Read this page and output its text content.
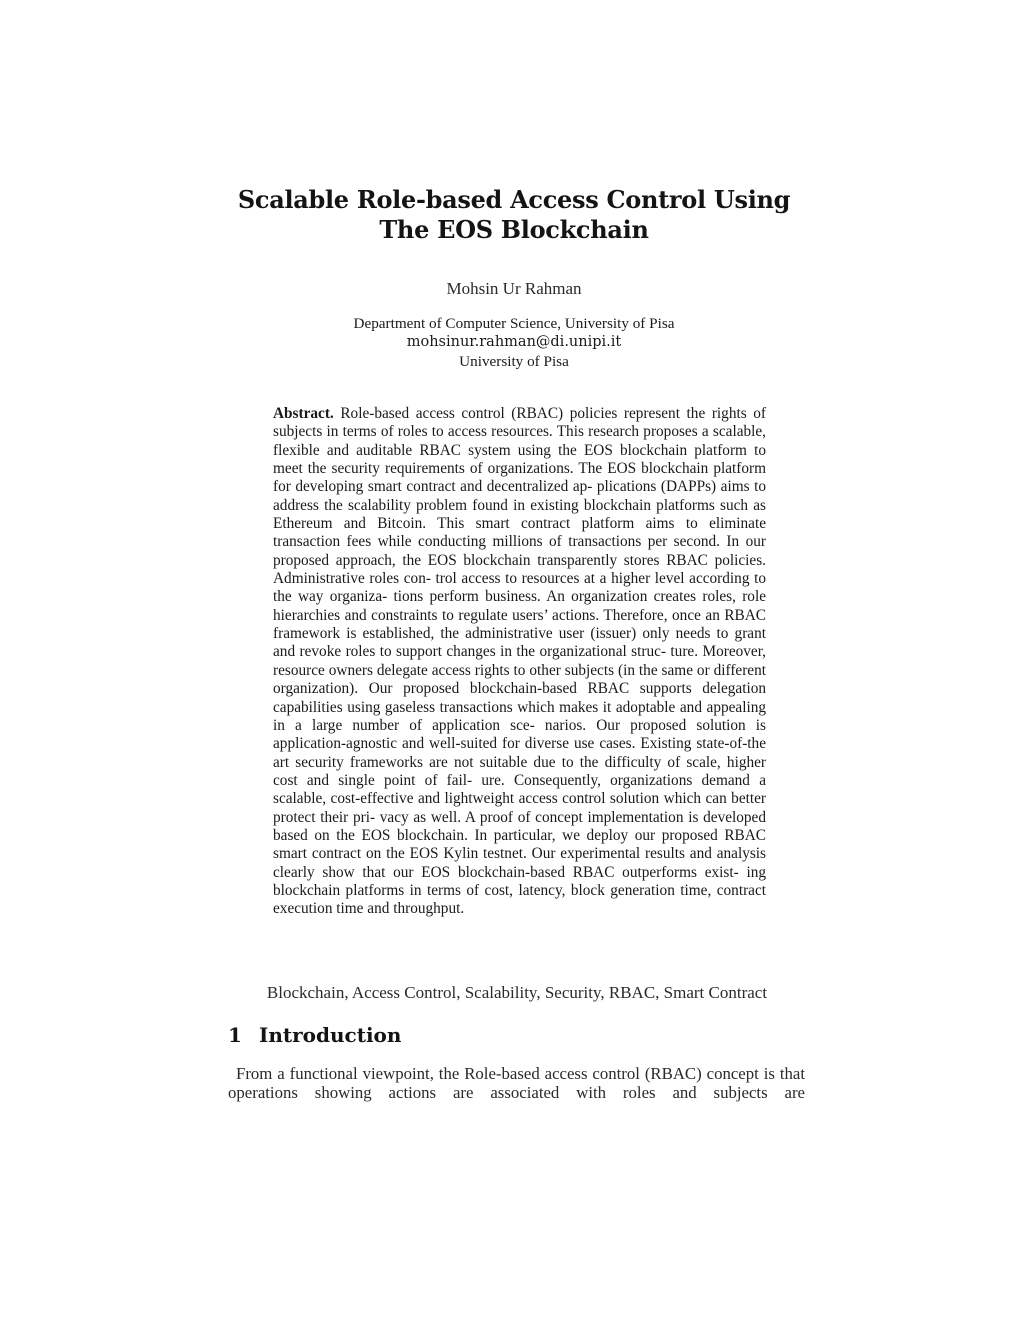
Scalable Role-based Access Control Using The EOS Blockchain
Mohsin Ur Rahman
Department of Computer Science, University of Pisa
mohsinur.rahman@di.unipi.it
University of Pisa
Abstract. Role-based access control (RBAC) policies represent the rights of subjects in terms of roles to access resources. This research proposes a scalable, flexible and auditable RBAC system using the EOS blockchain platform to meet the security requirements of organizations. The EOS blockchain platform for developing smart contract and decentralized ap- plications (DAPPs) aims to address the scalability problem found in existing blockchain platforms such as Ethereum and Bitcoin. This smart contract platform aims to eliminate transaction fees while conducting millions of transactions per second. In our proposed approach, the EOS blockchain transparently stores RBAC policies. Administrative roles con- trol access to resources at a higher level according to the way organiza- tions perform business. An organization creates roles, role hierarchies and constraints to regulate users’ actions. Therefore, once an RBAC framework is established, the administrative user (issuer) only needs to grant and revoke roles to support changes in the organizational struc- ture. Moreover, resource owners delegate access rights to other subjects (in the same or different organization). Our proposed blockchain-based RBAC supports delegation capabilities using gaseless transactions which makes it adoptable and appealing in a large number of application sce- narios. Our proposed solution is application-agnostic and well-suited for diverse use cases. Existing state-of-the art security frameworks are not suitable due to the difficulty of scale, higher cost and single point of fail- ure. Consequently, organizations demand a scalable, cost-effective and lightweight access control solution which can better protect their pri- vacy as well. A proof of concept implementation is developed based on the EOS blockchain. In particular, we deploy our proposed RBAC smart contract on the EOS Kylin testnet. Our experimental results and analysis clearly show that our EOS blockchain-based RBAC outperforms exist- ing blockchain platforms in terms of cost, latency, block generation time, contract execution time and throughput.
Blockchain, Access Control, Scalability, Security, RBAC, Smart Contract
1 Introduction
From a functional viewpoint, the Role-based access control (RBAC) concept is that operations showing actions are associated with roles and subjects are
